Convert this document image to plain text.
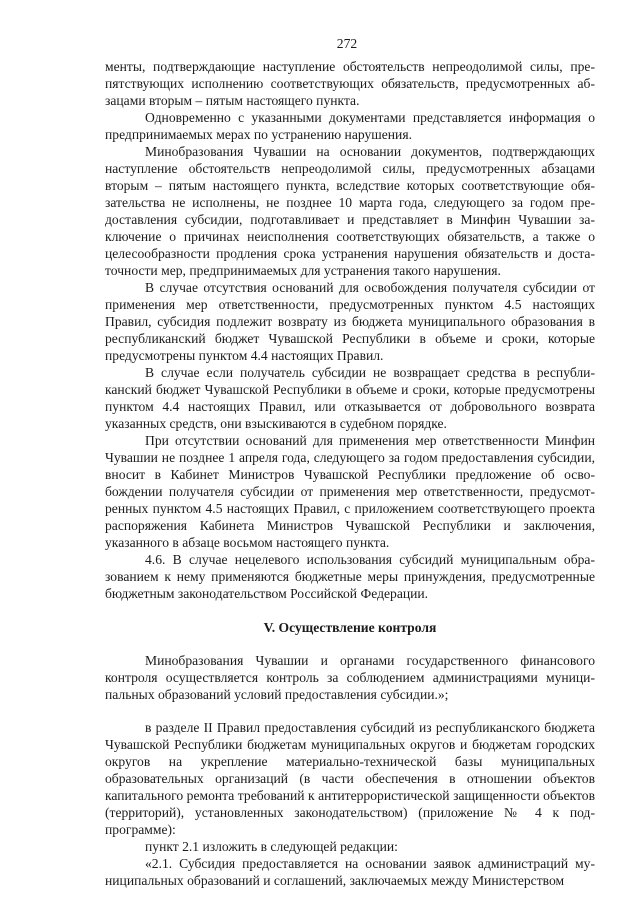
272

менты, подтверждающие наступление обстоятельств непреодолимой силы, препятствующих исполнению соответствующих обязательств, предусмотренных абзацами вторым – пятым настоящего пункта.

Одновременно с указанными документами представляется информация о предпринимаемых мерах по устранению нарушения.

Минобразования Чувашии на основании документов, подтверждающих наступление обстоятельств непреодолимой силы, предусмотренных абзацами вторым – пятым настоящего пункта, вследствие которых соответствующие обязательства не исполнены, не позднее 10 марта года, следующего за годом предоставления субсидии, подготавливает и представляет в Минфин Чувашии заключение о причинах неисполнения соответствующих обязательств, а также о целесообразности продления срока устранения нарушения обязательств и достаточности мер, предпринимаемых для устранения такого нарушения.

В случае отсутствия оснований для освобождения получателя субсидии от применения мер ответственности, предусмотренных пунктом 4.5 настоящих Правил, субсидия подлежит возврату из бюджета муниципального образования в республиканский бюджет Чувашской Республики в объеме и сроки, которые предусмотрены пунктом 4.4 настоящих Правил.

В случае если получатель субсидии не возвращает средства в республиканский бюджет Чувашской Республики в объеме и сроки, которые предусмотрены пунктом 4.4 настоящих Правил, или отказывается от добровольного возврата указанных средств, они взыскиваются в судебном порядке.

При отсутствии оснований для применения мер ответственности Минфин Чувашии не позднее 1 апреля года, следующего за годом предоставления субсидии, вносит в Кабинет Министров Чувашской Республики предложение об освобождении получателя субсидии от применения мер ответственности, предусмотренных пунктом 4.5 настоящих Правил, с приложением соответствующего проекта распоряжения Кабинета Министров Чувашской Республики и заключения, указанного в абзаце восьмом настоящего пункта.

4.6. В случае нецелевого использования субсидий муниципальным образованием к нему применяются бюджетные меры принуждения, предусмотренные бюджетным законодательством Российской Федерации.

V. Осуществление контроля

Минобразования Чувашии и органами государственного финансового контроля осуществляется контроль за соблюдением администрациями муниципальных образований условий предоставления субсидии.»;

в разделе II Правил предоставления субсидий из республиканского бюджета Чувашской Республики бюджетам муниципальных округов и бюджетам городских округов на укрепление материально-технической базы муниципальных образовательных организаций (в части обеспечения в отношении объектов капитального ремонта требований к антитеррористической защищенности объектов (территорий), установленных законодательством) (приложение № 4 к подпрограмме):

пункт 2.1 изложить в следующей редакции:

«2.1. Субсидия предоставляется на основании заявок администраций муниципальных образований и соглашений, заключаемых между Министерством
